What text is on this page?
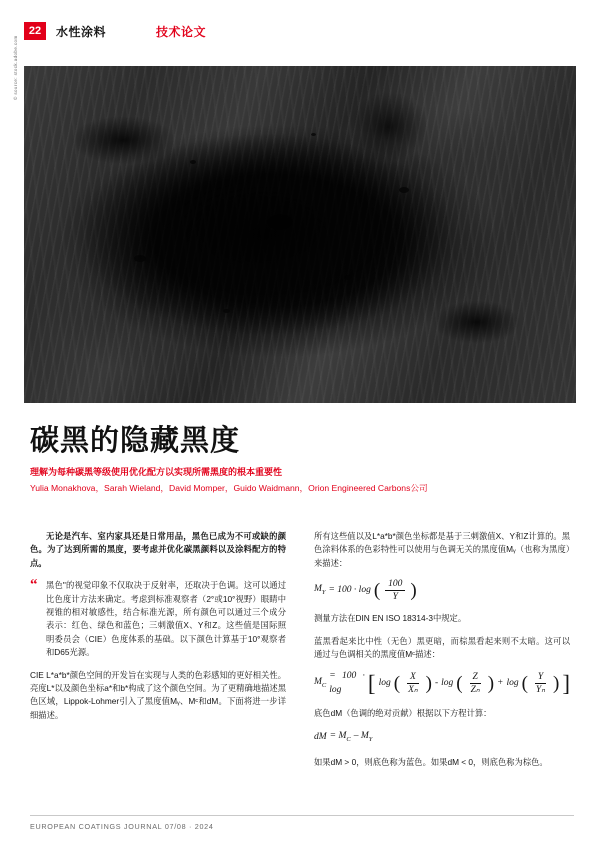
22	水性涂料	技术论文
© source: stock.adobe.com
碳黑的隐藏黑度
理解为每种碳黑等级使用优化配方以实现所需黑度的根本重要性
Yulia Monakhova，Sarah Wieland，David Momper，Guido Waidmann，Orion Engineered Carbons公司

无论是汽车、室内家具还是日常用品，黑色已成为不可或缺的颜色。为了达到所需的黑度，要考虑并优化碳黑颜料以及涂料配方的特点。

“ 黑色"的视觉印象不仅取决于反射率，还取决于色调。这可以通过比色度计方法来确定。考虑到标准观察者（2°或10°视野）眼睛中视锥的相对敏感性，结合标准光源，所有颜色可以通过三个成分表示：红色、绿色和蓝色；三刺激值X、Y和Z。这些值是国际照明委员会（CIE）色度体系的基础。以下颜色计算基于10°观察者和D65光源。

CIE L*a*b*颜色空间的开发旨在实现与人类的色彩感知的更好相关性。亮度L*以及颜色坐标a*和b*构成了这个颜色空间。为了更精确地描述黑色区域，Lippok-Lohmer引入了黑度值Mᵧ、Mᶜ和dM。下面将进一步详细描述。

所有这些值以及L*a*b*颜色坐标都是基于三刺激值X、Y和Z计算的。黑色涂料体系的色彩特性可以使用与色调无关的黑度值Mᵧ（也称为黑度）来描述：

$M_Y = 100 \cdot \log$ ( $\frac{100}{Y}$ )

测量方法在DIN EN ISO 18314-3中规定。

蓝黑看起来比中性（无色）黑更暗，而棕黑看起来则不太暗。这可以通过与色调相关的黑度值Mᶜ描述：

$M_C$
= 100 · log	[ log ( $\frac{X}{\text{Xₙ}}$ ) - log ( $\frac{Z}{\text{Zₙ}}$ ) + log ( $\frac{Y}{\text{Yₙ}}$ ) ]

底色dM（色调的绝对贡献）根据以下方程计算：

dM = $M_C - M_Y$

如果dM > 0，则底色称为蓝色。如果dM < 0，则底色称为棕色。

EUROPEAN COATINGS JOURNAL 07/08 · 2024
